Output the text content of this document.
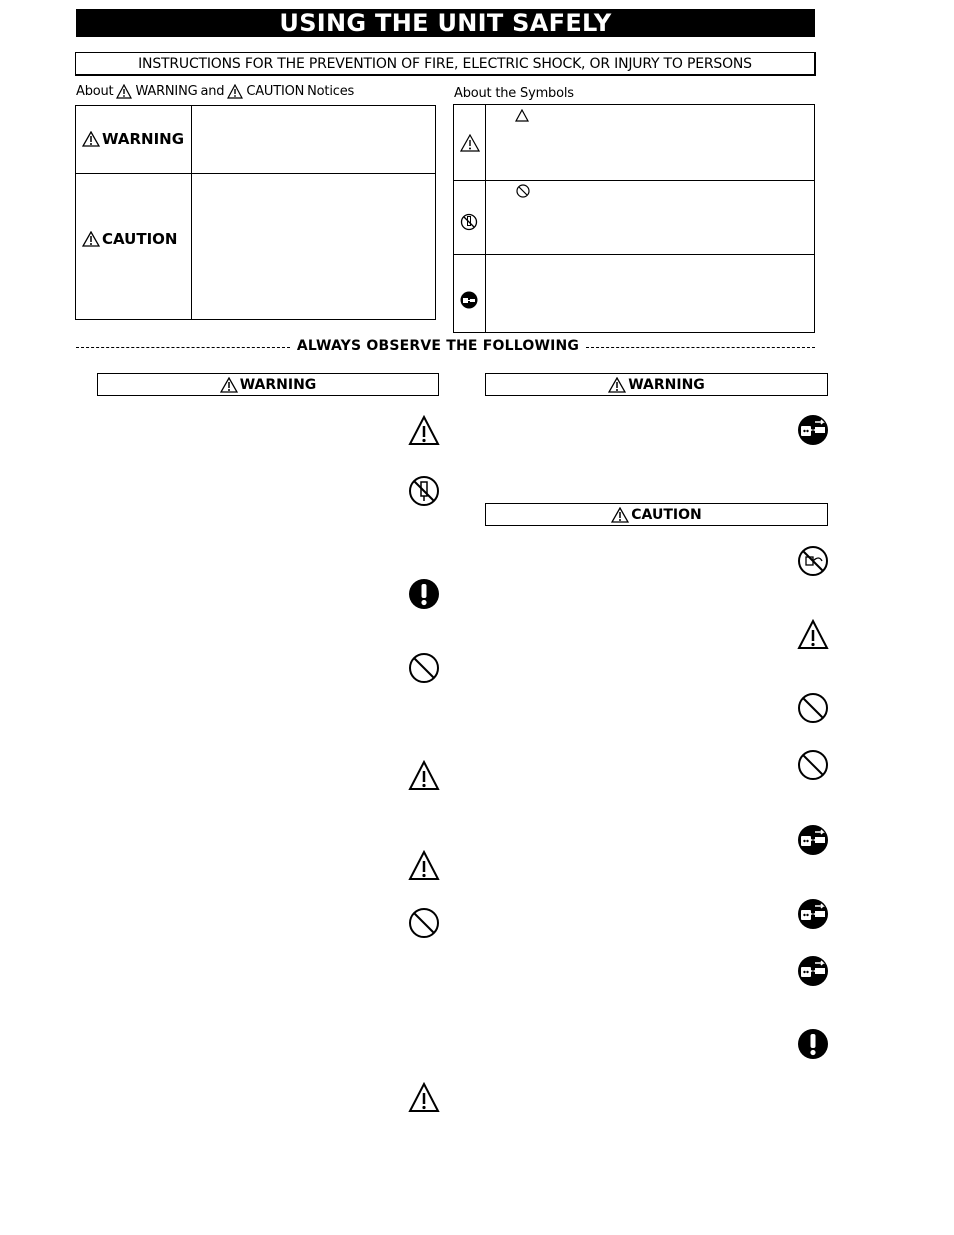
USING THE UNIT SAFELY
INSTRUCTIONS FOR THE PREVENTION OF FIRE, ELECTRIC SHOCK, OR INJURY TO PERSONS
About WARNING and CAUTION Notices	About the Symbols
WARNING
CAUTION
ALWAYS OBSERVE THE FOLLOWING
WARNING	WARNING
CAUTION
